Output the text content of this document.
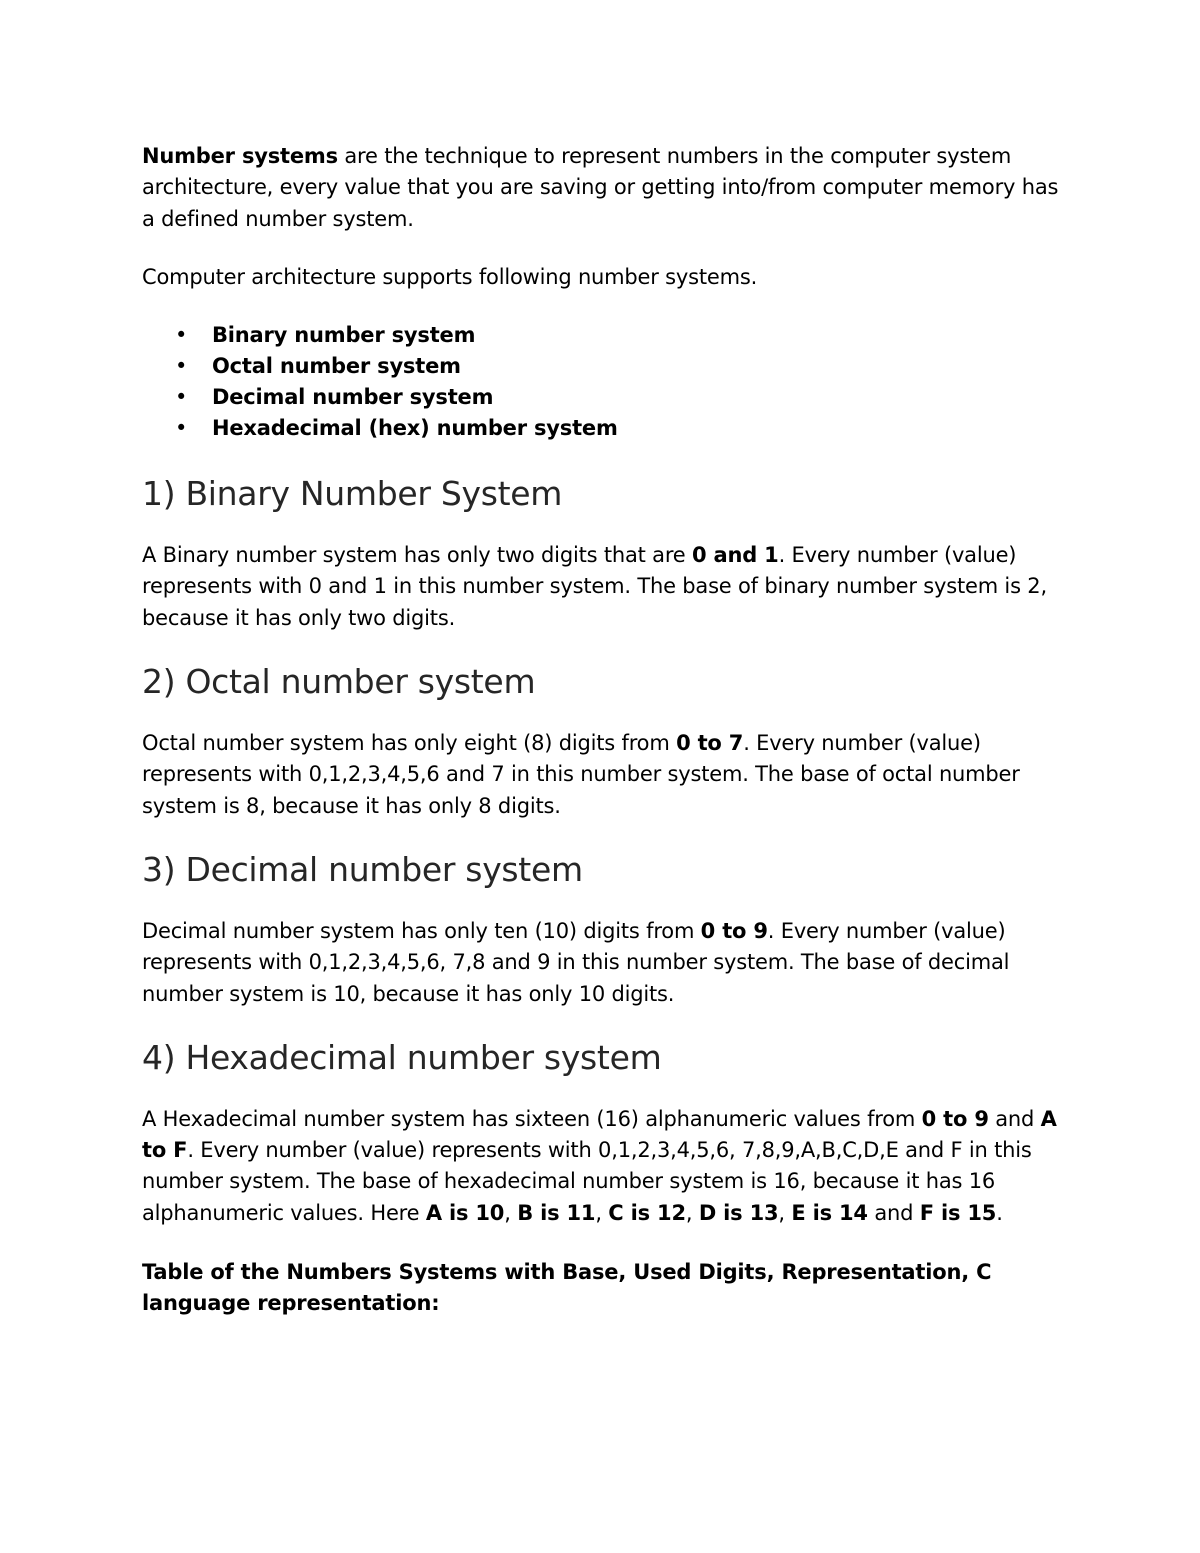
Number systems are the technique to represent numbers in the computer system architecture, every value that you are saving or getting into/from computer memory has a defined number system.

Computer architecture supports following number systems.

• Binary number system
• Octal number system
• Decimal number system
• Hexadecimal (hex) number system
1) Binary Number System

A Binary number system has only two digits that are 0 and 1. Every number (value) represents with 0 and 1 in this number system. The base of binary number system is 2, because it has only two digits.

2) Octal number system

Octal number system has only eight (8) digits from 0 to 7. Every number (value) represents with 0,1,2,3,4,5,6 and 7 in this number system. The base of octal number system is 8, because it has only 8 digits.

3) Decimal number system

Decimal number system has only ten (10) digits from 0 to 9. Every number (value) represents with 0,1,2,3,4,5,6, 7,8 and 9 in this number system. The base of decimal number system is 10, because it has only 10 digits.

4) Hexadecimal number system

A Hexadecimal number system has sixteen (16) alphanumeric values from 0 to 9 and A to F. Every number (value) represents with 0,1,2,3,4,5,6, 7,8,9,A,B,C,D,E and F in this number system. The base of hexadecimal number system is 16, because it has 16 alphanumeric values. Here A is 10, B is 11, C is 12, D is 13, E is 14 and F is 15.

Table of the Numbers Systems with Base, Used Digits, Representation, C language representation:
